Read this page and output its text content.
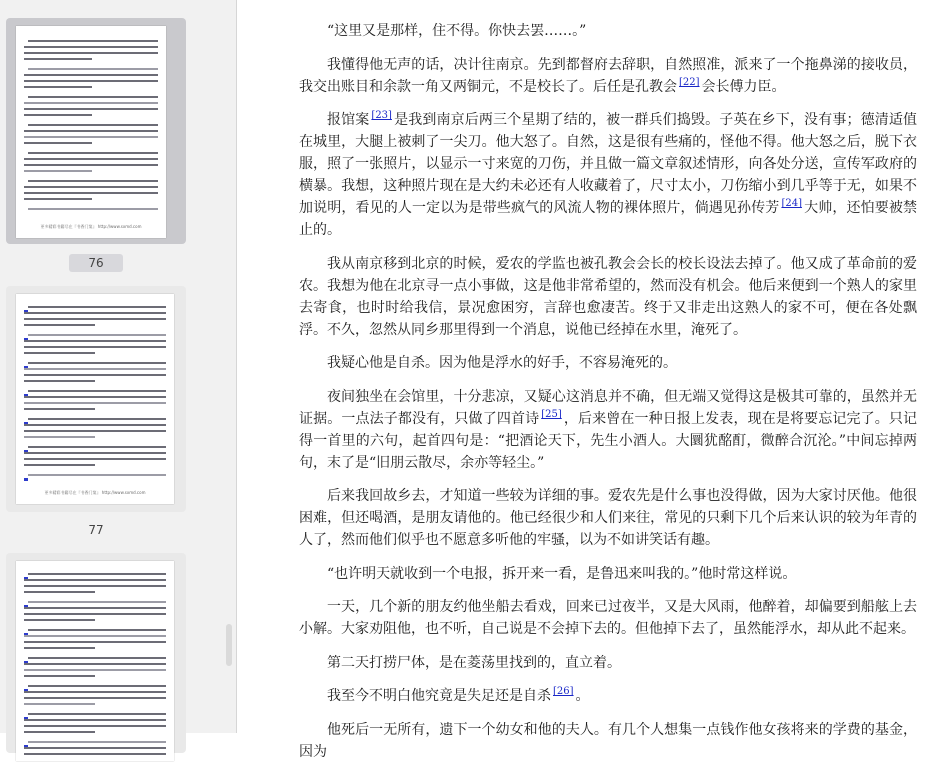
更多精彩书籍尽在『书香门第』 http://www.sxmd.com
76
更多精彩书籍尽在『书香门第』 http://www.sxmd.com
77

“这里又是那样，住不得。你快去罢……。”

我懂得他无声的话，决计往南京。先到都督府去辞职，自然照准，派来了一个拖鼻涕的接收员，我交出账目和余款一角又两铜元，不是校长了。后任是孔教会 [22] 会长傅力臣。

报馆案 [23] 是我到南京后两三个星期了结的，被一群兵们捣毁。子英在乡下，没有事；德清适值在城里，大腿上被刺了一尖刀。他大怒了。自然，这是很有些痛的，怪他不得。他大怒之后，脱下衣服，照了一张照片，以显示一寸来宽的刀伤，并且做一篇文章叙述情形，向各处分送，宣传军政府的横暴。我想，这种照片现在是大约未必还有人收藏着了，尺寸太小，刀伤缩小到几乎等于无，如果不加说明，看见的人一定以为是带些疯气的风流人物的裸体照片，倘遇见孙传芳 [24] 大帅，还怕要被禁止的。

我从南京移到北京的时候，爱农的学监也被孔教会会长的校长设法去掉了。他又成了革命前的爱农。我想为他在北京寻一点小事做，这是他非常希望的，然而没有机会。他后来便到一个熟人的家里去寄食，也时时给我信，景况愈困穷，言辞也愈凄苦。终于又非走出这熟人的家不可，便在各处飘浮。不久，忽然从同乡那里得到一个消息，说他已经掉在水里，淹死了。

我疑心他是自杀。因为他是浮水的好手，不容易淹死的。

夜间独坐在会馆里，十分悲凉，又疑心这消息并不确，但无端又觉得这是极其可靠的，虽然并无证据。一点法子都没有，只做了四首诗 [25] ，后来曾在一种日报上发表，现在是将要忘记完了。只记得一首里的六句，起首四句是：“把酒论天下，先生小酒人。大圜犹酩酊，微醉合沉沦。”中间忘掉两句，末了是“旧朋云散尽，余亦等轻尘。”

后来我回故乡去，才知道一些较为详细的事。爱农先是什么事也没得做，因为大家讨厌他。他很困难，但还喝酒，是朋友请他的。他已经很少和人们来往，常见的只剩下几个后来认识的较为年青的人了，然而他们似乎也不愿意多听他的牢骚，以为不如讲笑话有趣。

“也许明天就收到一个电报，拆开来一看，是鲁迅来叫我的。”他时常这样说。

一天，几个新的朋友约他坐船去看戏，回来已过夜半，又是大风雨，他醉着，却偏要到船舷上去小解。大家劝阻他，也不听，自己说是不会掉下去的。但他掉下去了，虽然能浮水，却从此不起来。

第二天打捞尸体，是在菱荡里找到的，直立着。

我至今不明白他究竟是失足还是自杀 [26] 。

他死后一无所有，遗下一个幼女和他的夫人。有几个人想集一点钱作他女孩将来的学费的基金，因为
